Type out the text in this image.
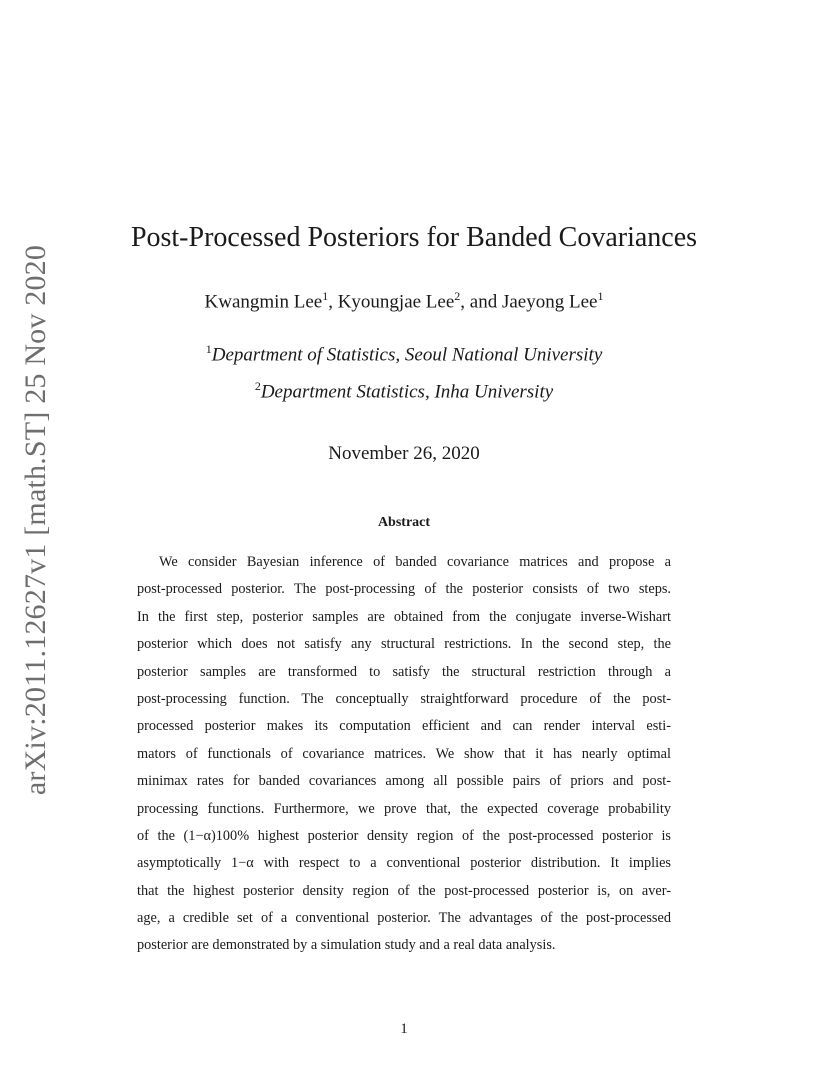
arXiv:2011.12627v1 [math.ST] 25 Nov 2020
Post-Processed Posteriors for Banded Covariances
Kwangmin Lee$^1$, Kyoungjae Lee$^2$, and Jaeyong Lee$^1$
$^1$Department of Statistics, Seoul National University
$^2$Department Statistics, Inha University
November 26, 2020
Abstract
We consider Bayesian inference of banded covariance matrices and propose a
post-processed posterior. The post-processing of the posterior consists of two steps.
In the first step, posterior samples are obtained from the conjugate inverse-Wishart
posterior which does not satisfy any structural restrictions. In the second step, the
posterior samples are transformed to satisfy the structural restriction through a
post-processing function. The conceptually straightforward procedure of the post-
processed posterior makes its computation efficient and can render interval esti-
mators of functionals of covariance matrices. We show that it has nearly optimal
minimax rates for banded covariances among all possible pairs of priors and post-
processing functions. Furthermore, we prove that, the expected coverage probability
of the (1−α)100% highest posterior density region of the post-processed posterior is
asymptotically 1−α with respect to a conventional posterior distribution. It implies
that the highest posterior density region of the post-processed posterior is, on aver-
age, a credible set of a conventional posterior. The advantages of the post-processed
posterior are demonstrated by a simulation study and a real data analysis.
1
